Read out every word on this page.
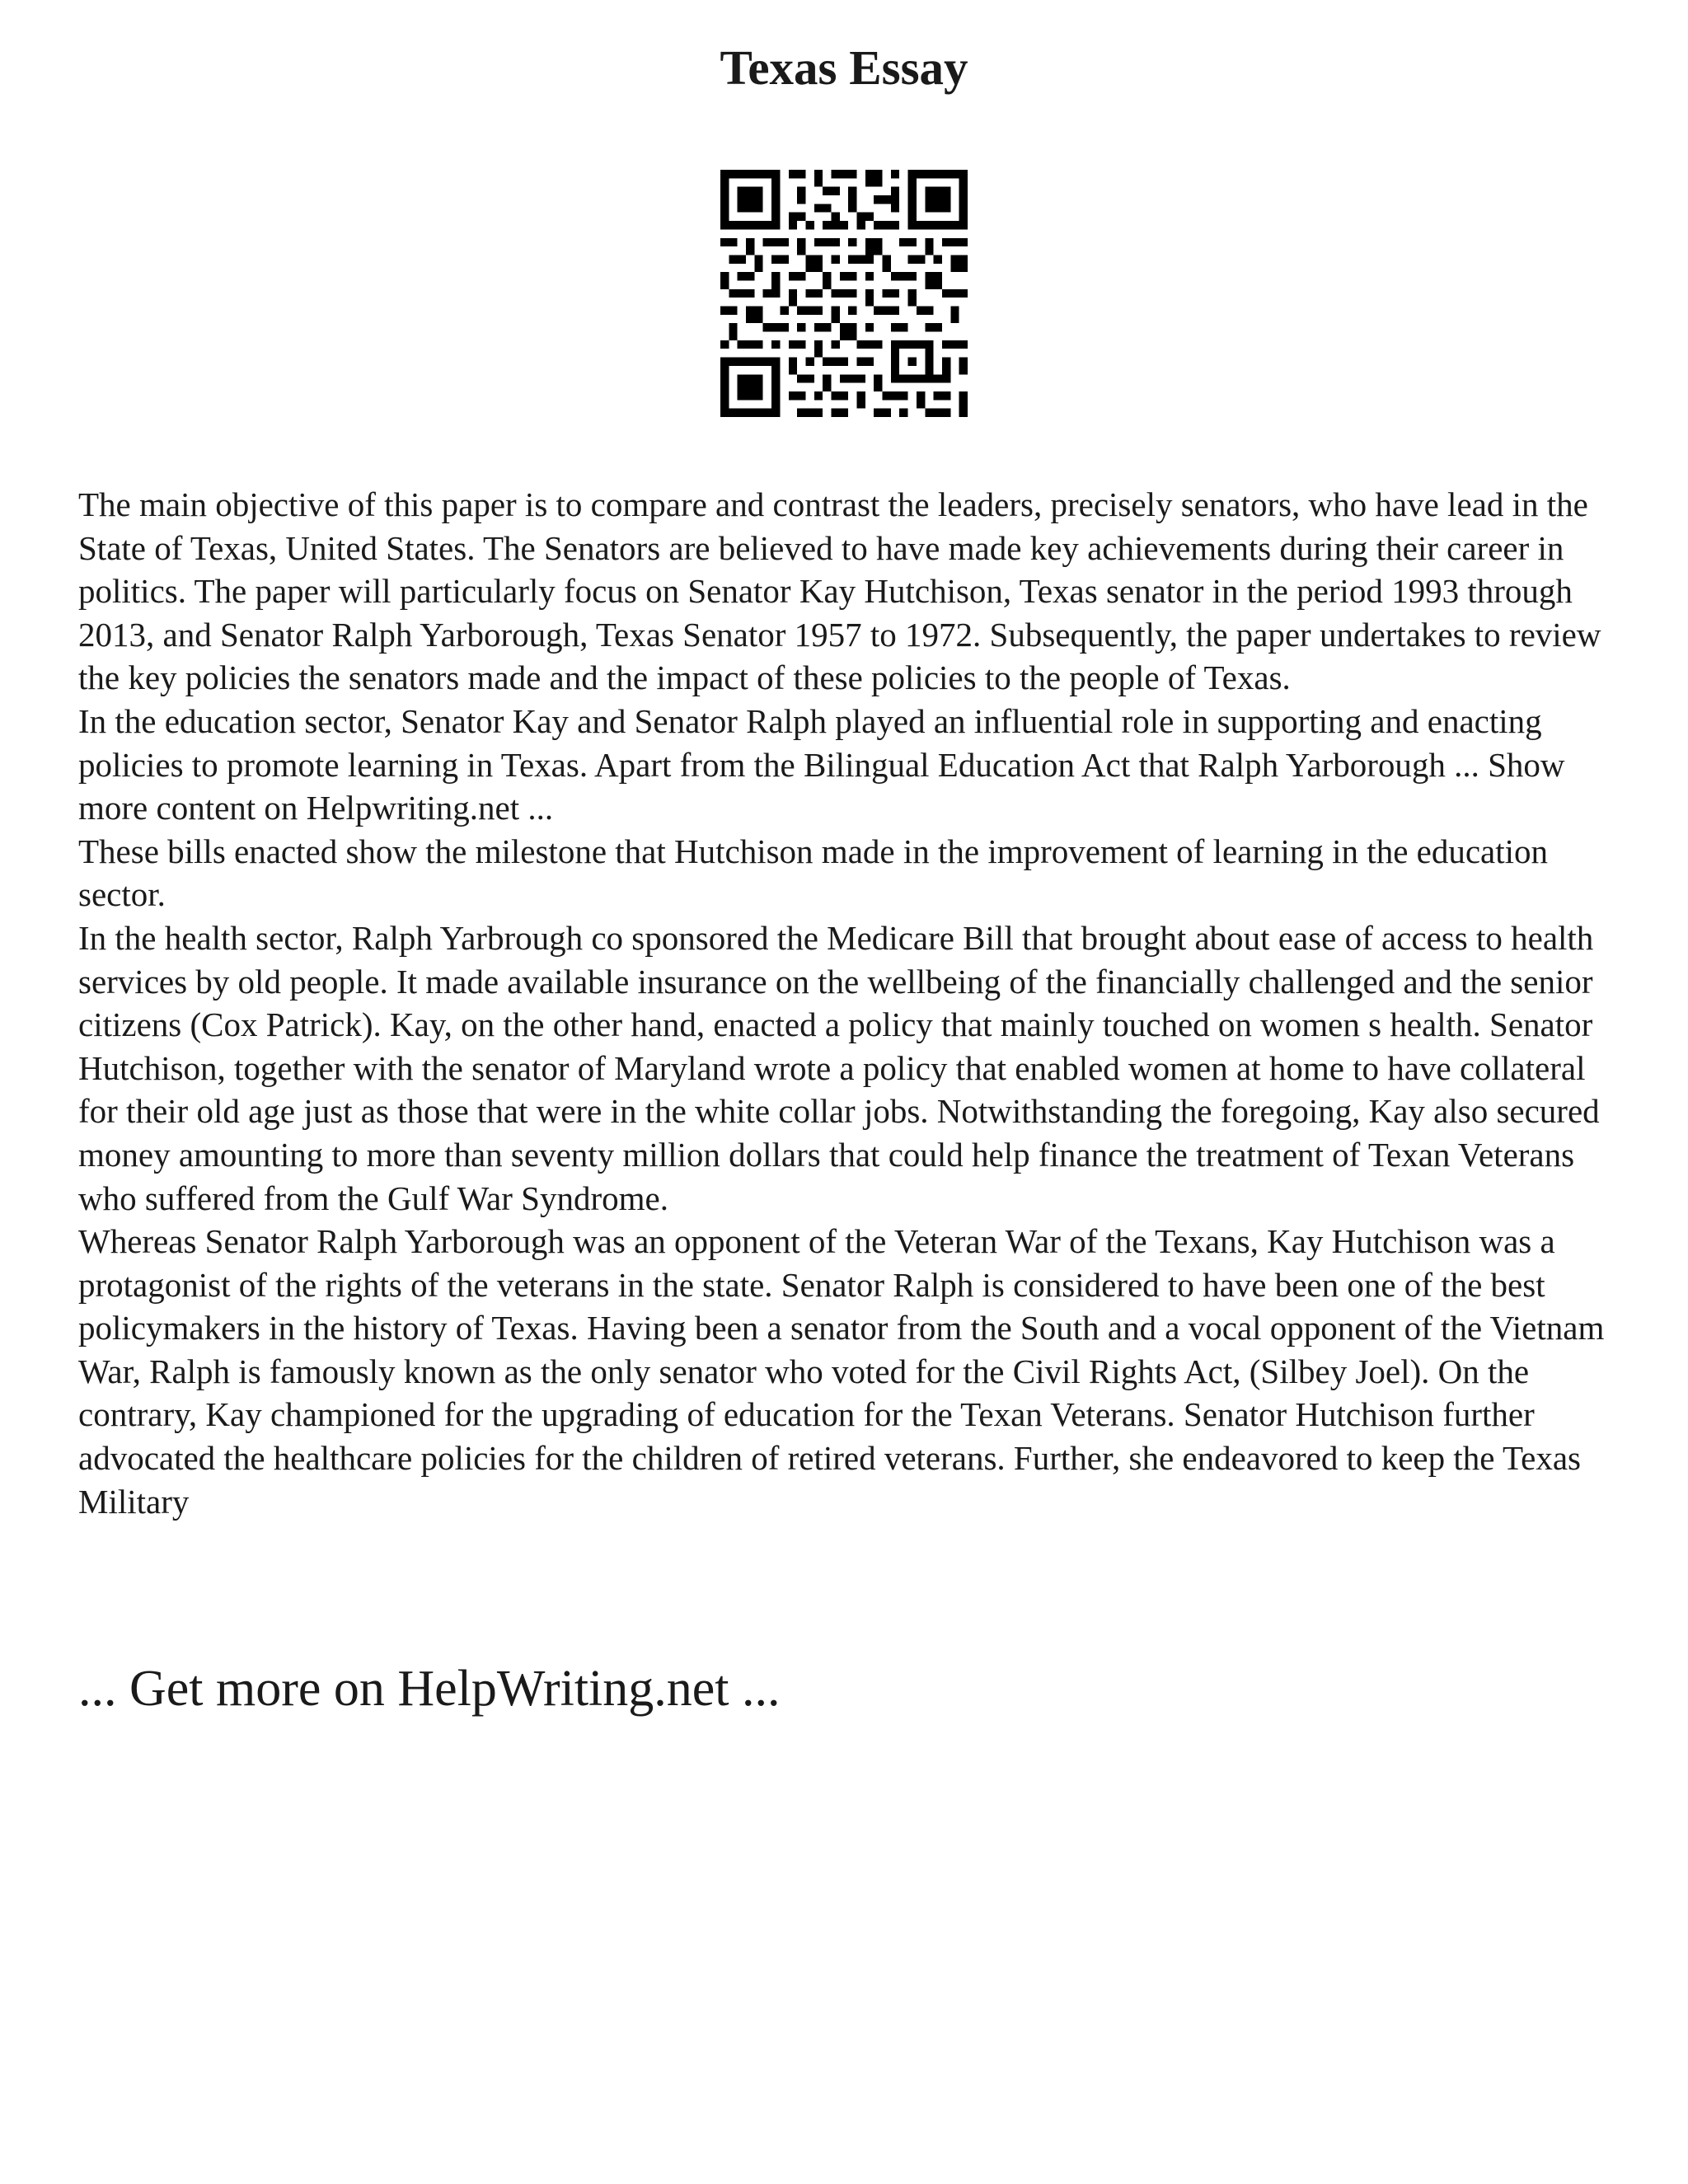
Texas Essay

The main objective of this paper is to compare and contrast the leaders, precisely senators, who have lead in the State of Texas, United States. The Senators are believed to have made key achievements during their career in politics. The paper will particularly focus on Senator Kay Hutchison, Texas senator in the period 1993 through 2013, and Senator Ralph Yarborough, Texas Senator 1957 to 1972. Subsequently, the paper undertakes to review the key policies the senators made and the impact of these policies to the people of Texas.

In the education sector, Senator Kay and Senator Ralph played an influential role in supporting and enacting policies to promote learning in Texas. Apart from the Bilingual Education Act that Ralph Yarborough ... Show more content on Helpwriting.net ...

These bills enacted show the milestone that Hutchison made in the improvement of learning in the education sector.

In the health sector, Ralph Yarbrough co sponsored the Medicare Bill that brought about ease of access to health services by old people. It made available insurance on the wellbeing of the financially challenged and the senior citizens (Cox Patrick). Kay, on the other hand, enacted a policy that mainly touched on women s health. Senator Hutchison, together with the senator of Maryland wrote a policy that enabled women at home to have collateral for their old age just as those that were in the white collar jobs. Notwithstanding the foregoing, Kay also secured money amounting to more than seventy million dollars that could help finance the treatment of Texan Veterans who suffered from the Gulf War Syndrome.

Whereas Senator Ralph Yarborough was an opponent of the Veteran War of the Texans, Kay Hutchison was a protagonist of the rights of the veterans in the state. Senator Ralph is considered to have been one of the best policymakers in the history of Texas. Having been a senator from the South and a vocal opponent of the Vietnam War, Ralph is famously known as the only senator who voted for the Civil Rights Act, (Silbey Joel). On the contrary, Kay championed for the upgrading of education for the Texan Veterans. Senator Hutchison further advocated the healthcare policies for the children of retired veterans. Further, she endeavored to keep the Texas Military

... Get more on HelpWriting.net ...
